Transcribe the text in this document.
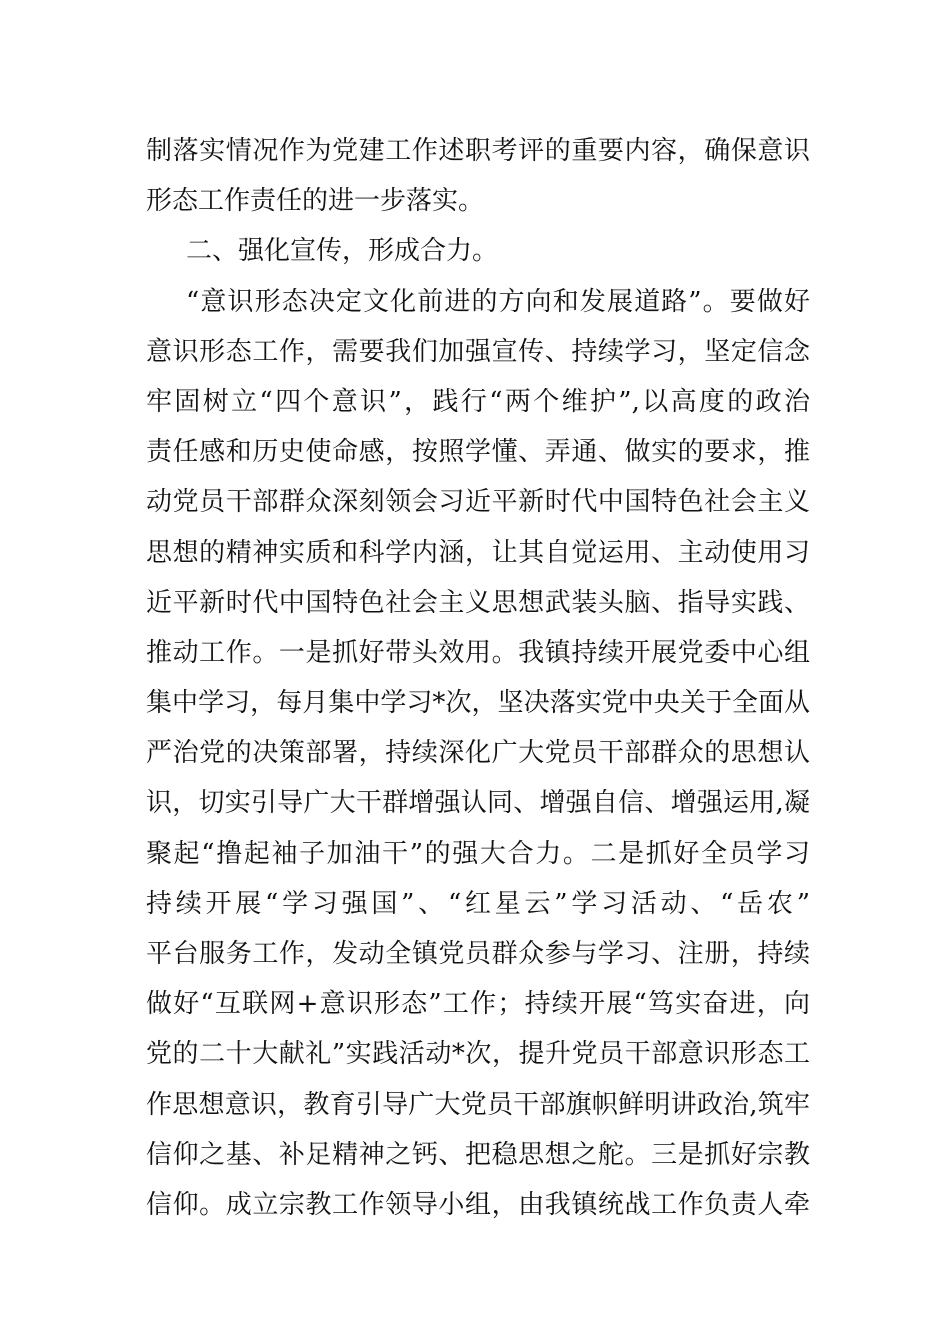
制落实情况作为党建工作述职考评的重要内容，确保意识
形态工作责任的进一步落实。
二、强化宣传，形成合力。
“意识形态决定文化前进的方向和发展道路”。要做好
意识形态工作，需要我们加强宣传、持续学习，坚定信念
牢固树立“四个意识”，践行“两个维护”,以高度的政治
责任感和历史使命感，按照学懂、弄通、做实的要求，推
动党员干部群众深刻领会习近平新时代中国特色社会主义
思想的精神实质和科学内涵，让其自觉运用、主动使用习
近平新时代中国特色社会主义思想武装头脑、指导实践、
推动工作。一是抓好带头效用。我镇持续开展党委中心组
集中学习，每月集中学习*次，坚决落实党中央关于全面从
严治党的决策部署，持续深化广大党员干部群众的思想认
识，切实引导广大干群增强认同、增强自信、增强运用,凝
聚起“撸起袖子加油干”的强大合力。二是抓好全员学习
持续开展“学习强国”、“红星云”学习活动、“岳农”
平台服务工作，发动全镇党员群众参与学习、注册，持续
做好“互联网+意识形态”工作；持续开展“笃实奋进，向
党的二十大献礼”实践活动*次，提升党员干部意识形态工
作思想意识，教育引导广大党员干部旗帜鲜明讲政治,筑牢
信仰之基、补足精神之钙、把稳思想之舵。三是抓好宗教
信仰。成立宗教工作领导小组，由我镇统战工作负责人牵
